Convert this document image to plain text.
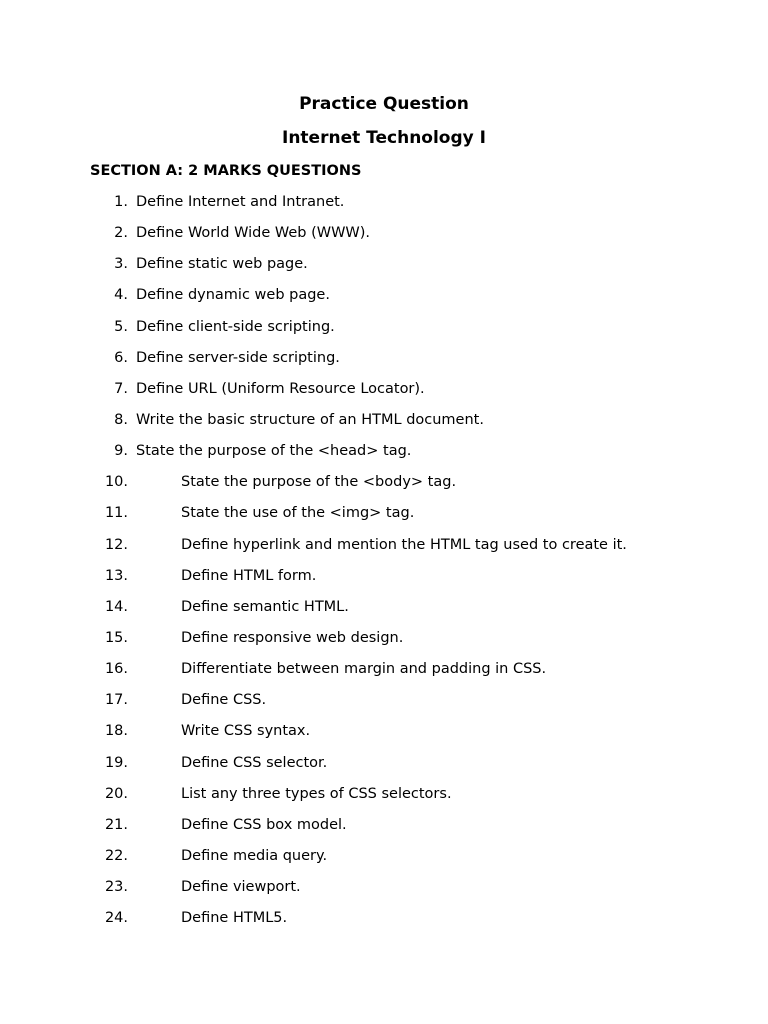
Practice Question
Internet Technology I
SECTION A: 2 MARKS QUESTIONS
1. Define Internet and Intranet.
2. Define World Wide Web (WWW).
3. Define static web page.
4. Define dynamic web page.
5. Define client-side scripting.
6. Define server-side scripting.
7. Define URL (Uniform Resource Locator).
8. Write the basic structure of an HTML document.
9. State the purpose of the <head> tag.
10.	State the purpose of the <body> tag.
11.	State the use of the <img> tag.
12.	Define hyperlink and mention the HTML tag used to create it.
13.	Define HTML form.
14.	Define semantic HTML.
15.	Define responsive web design.
16.	Differentiate between margin and padding in CSS.
17.	Define CSS.
18.	Write CSS syntax.
19.	Define CSS selector.
20.	List any three types of CSS selectors.
21.	Define CSS box model.
22.	Define media query.
23.	Define viewport.
24.	Define HTML5.
